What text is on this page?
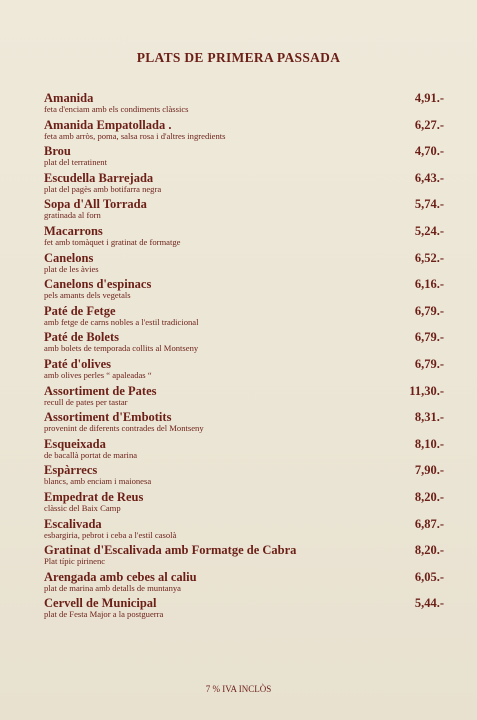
PLATS DE PRIMERA PASSADA
Amanida
feta d'enciam amb els condiments clàssics
4,91.-
Amanida Empatollada .
feta amb arròs, poma, salsa rosa i d'altres ingredients
6,27.-
Brou
plat del terratinent
4,70.-
Escudella Barrejada
plat del pagès amb botifarra negra
6,43.-
Sopa d'All Torrada
gratinada al forn
5,74.-
Macarrons
fet amb tomàquet i gratinat de formatge
5,24.-
Canelons
plat de les àvies
6,52.-
Canelons d'espinacs
pels amants dels vegetals
6,16.-
Paté de Fetge
amb fetge de carns nobles a l'estil tradicional
6,79.-
Paté de Bolets
amb bolets de temporada collits al Montseny
6,79.-
Paté d'olives
amb olives perles “ apaleadas “
6,79.-
Assortiment de Pates
recull de pates per tastar
11,30.-
Assortiment d'Embotits
provenint de diferents contrades del Montseny
8,31.-
Esqueixada
de bacallà portat de marina
8,10.-
Espàrrecs
blancs, amb enciam i maionesa
7,90.-
Empedrat de Reus
clàssic del Baix Camp
8,20.-
Escalivada
esbargiria, pebrot i ceba a l'estil casolà
6,87.-
Gratinat d'Escalivada amb Formatge de Cabra
Plat típic pirinenc
8,20.-
Arengada amb cebes al caliu
plat de marina amb detalls de muntanya
6,05.-
Cervell de Municipal
plat de Festa Major a la postguerra
5,44.-
7 % IVA INCLÒS
